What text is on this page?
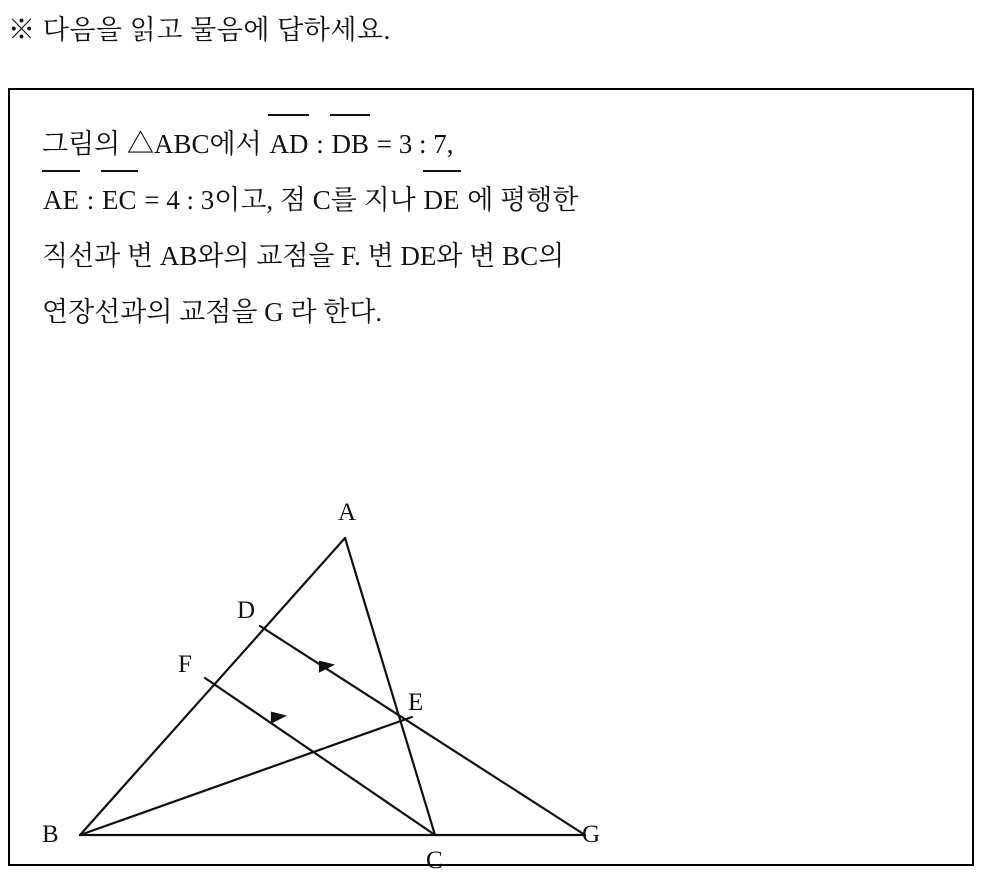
※ 다음을 읽고 물음에 답하세요.
그림의 △ABC에서 AD : DB = 3 : 7,
AE : EC = 4 : 3이고, 점 C를 지나 DE 에 평행한
직선과 변 AB와의 교점을 F. 변 DE와 변 BC의
연장선과의 교점을 G 라 한다.
A
B
C
D
E
F
G
